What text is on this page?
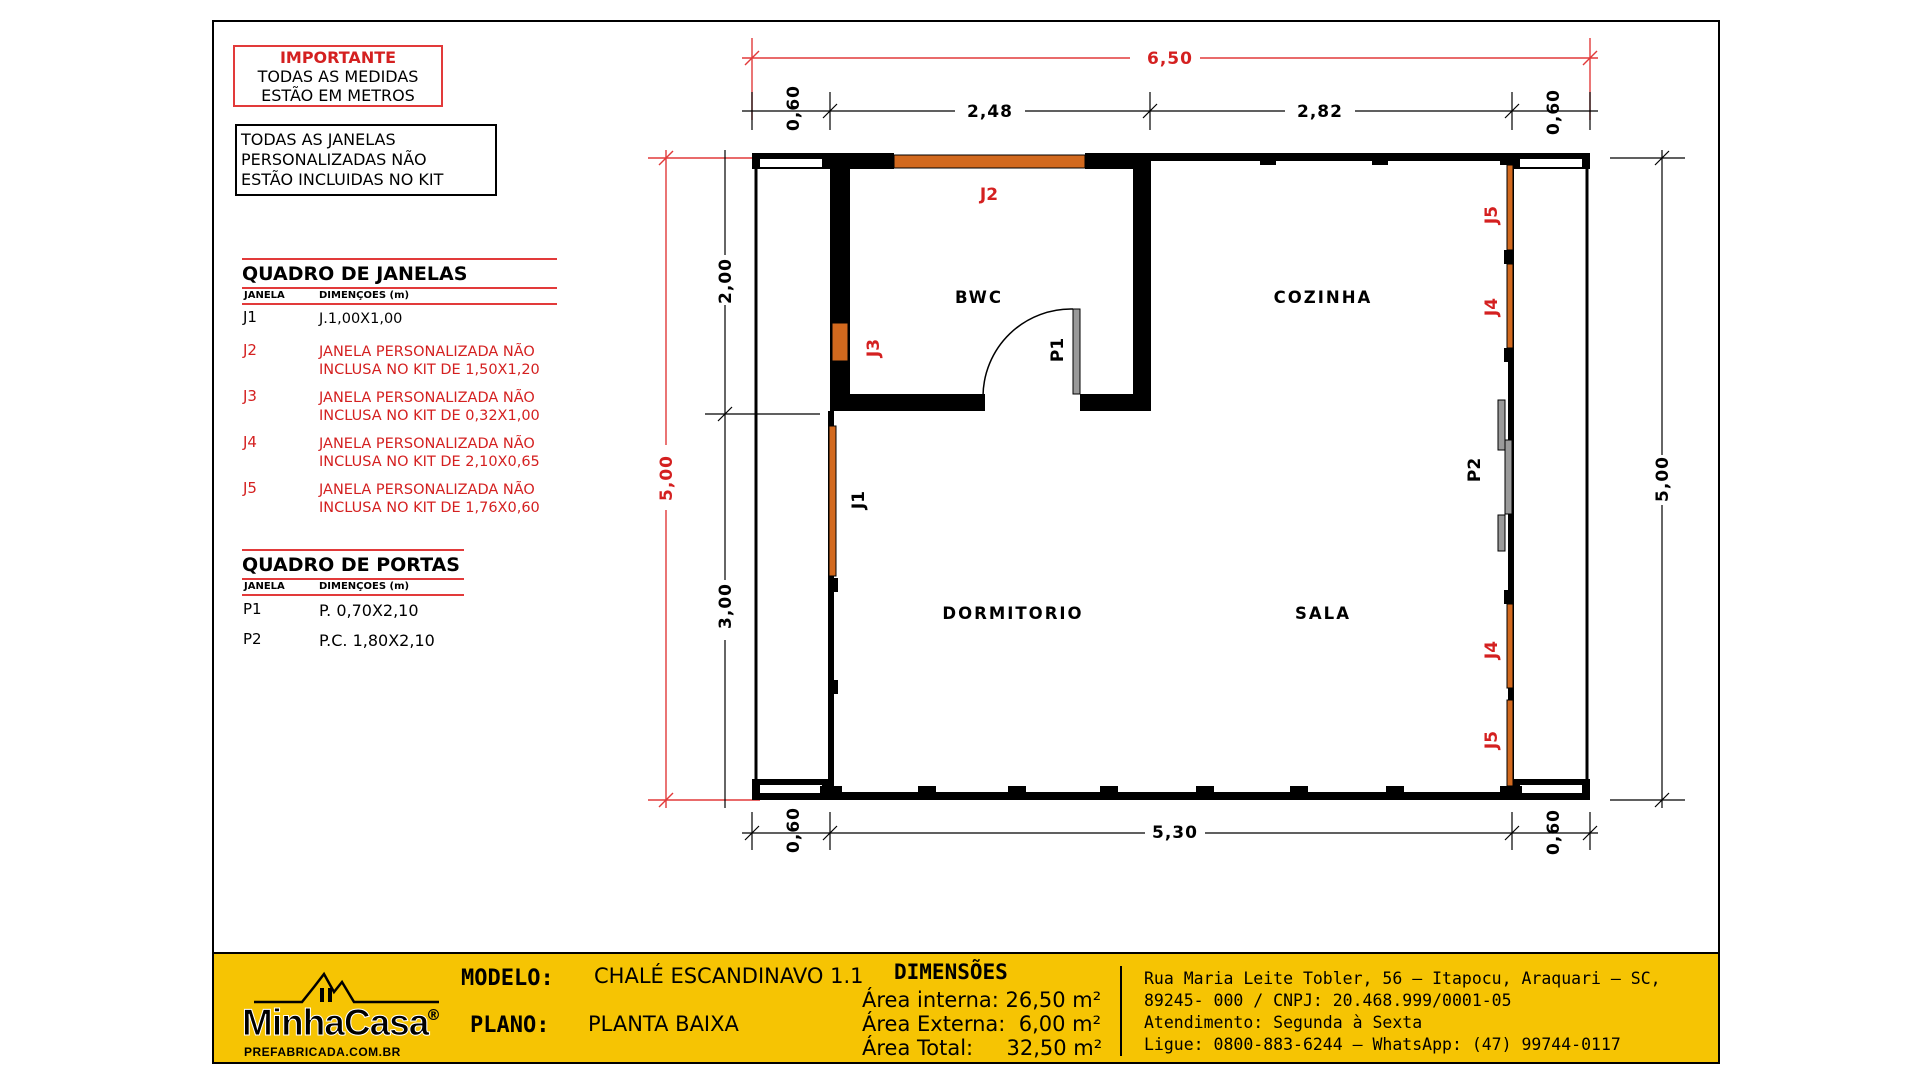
IMPORTANTE
TODAS AS MEDIDAS
ESTÃO EM METROS
TODAS AS JANELAS
PERSONALIZADAS NÃO
ESTÃO INCLUIDAS NO KIT
QUADRO DE JANELAS
JANELA	DIMENÇOES (m)
J1	J.1,00X1,00
J2	JANELA PERSONALIZADA NÃO
INCLUSA NO KIT DE 1,50X1,20
J3	JANELA PERSONALIZADA NÃO
INCLUSA NO KIT DE 0,32X1,00
J4	JANELA PERSONALIZADA NÃO
INCLUSA NO KIT DE 2,10X0,65
J5	JANELA PERSONALIZADA NÃO
INCLUSA NO KIT DE 1,76X0,60
QUADRO DE PORTAS
JANELA	DIMENÇOES (m)
P1	P. 0,70X2,10
P2	P.C. 1,80X2,10
BWC	COZINHA
DORMITORIO	SALA
J2
J3
J1
P1
P2
J5
J4
J4
J5
6,50
0,60	2,48	2,82	0,60
0,60	5,30	0,60
2,00
3,00
5,00	5,00
MinhaCasa
®
PREFABRICADA.COM.BR
MODELO: CHALÉ ESCANDINAVO 1.1
PLANO: PLANTA BAIXA
DIMENSÕES
Área interna: 26,50 m²
Área Externa:  6,00 m²
Área Total:     32,50 m²
Rua Maria Leite Tobler, 56 – Itapocu, Araquari – SC,
89245- 000 / CNPJ: 20.468.999/0001-05
Atendimento: Segunda à Sexta
Ligue: 0800-883-6244 – WhatsApp: (47) 99744-0117
